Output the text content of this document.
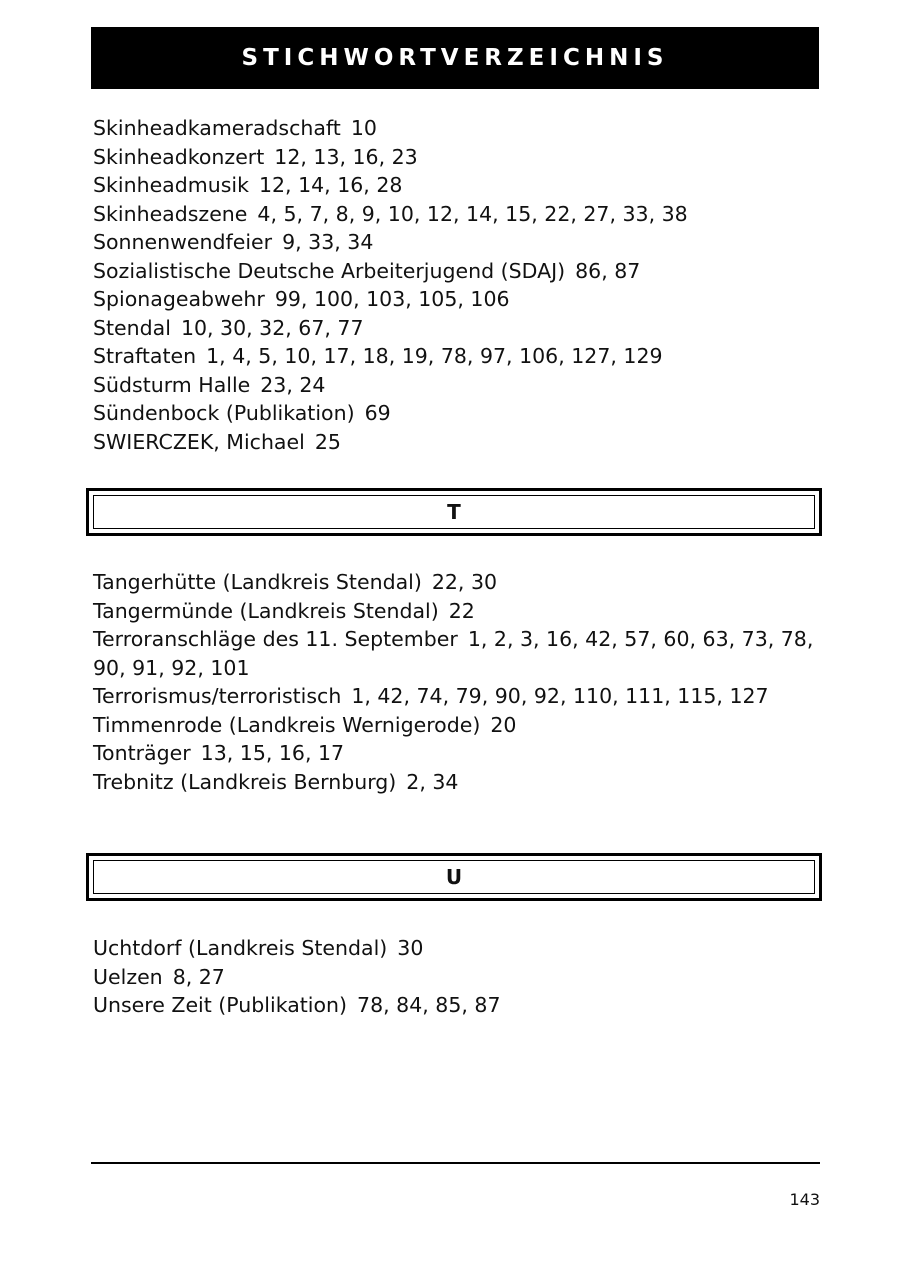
STICHWORTVERZEICHNIS
Skinheadkameradschaft 10
Skinheadkonzert 12, 13, 16, 23
Skinheadmusik 12, 14, 16, 28
Skinheadszene 4, 5, 7, 8, 9, 10, 12, 14, 15, 22, 27, 33, 38
Sonnenwendfeier 9, 33, 34
Sozialistische Deutsche Arbeiterjugend (SDAJ) 86, 87
Spionageabwehr 99, 100, 103, 105, 106
Stendal 10, 30, 32, 67, 77
Straftaten 1, 4, 5, 10, 17, 18, 19, 78, 97, 106, 127, 129
Südsturm Halle 23, 24
Sündenbock (Publikation) 69
SWIERCZEK, Michael 25
T
Tangerhütte (Landkreis Stendal) 22, 30
Tangermünde (Landkreis Stendal) 22
Terroranschläge des 11. September 1, 2, 3, 16, 42, 57, 60, 63, 73, 78, 90, 91, 92, 101
Terrorismus/terroristisch 1, 42, 74, 79, 90, 92, 110, 111, 115, 127
Timmenrode (Landkreis Wernigerode) 20
Tonträger 13, 15, 16, 17
Trebnitz (Landkreis Bernburg) 2, 34
U
Uchtdorf (Landkreis Stendal) 30
Uelzen 8, 27
Unsere Zeit (Publikation) 78, 84, 85, 87
143
